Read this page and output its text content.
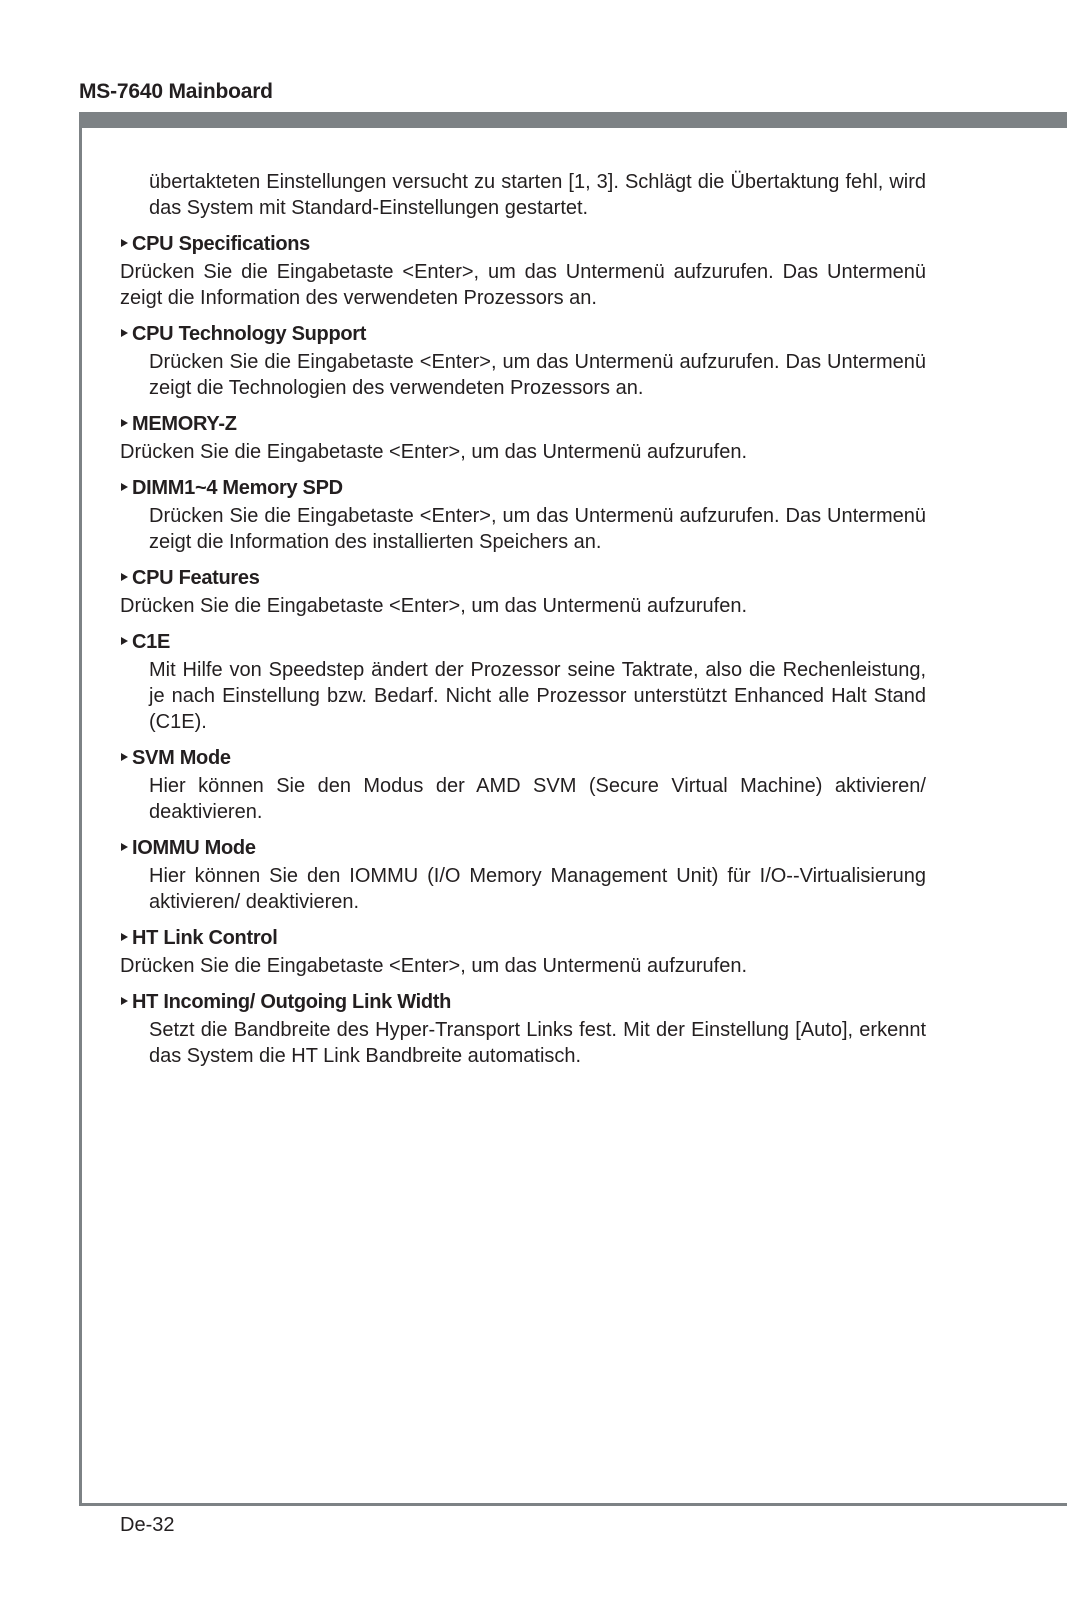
MS-7640 Mainboard

übertakteten Einstellungen versucht zu starten [1, 3]. Schlägt die Übertaktung fehl, wird das System mit Standard-Einstellungen gestartet.

CPU Specifications

Drücken Sie die Eingabetaste <Enter>, um das Untermenü aufzurufen. Das Untermenü zeigt die Information des verwendeten Prozessors an.

CPU Technology Support

Drücken Sie die Eingabetaste <Enter>, um das Untermenü aufzurufen. Das Untermenü zeigt die Technologien des verwendeten Prozessors an.

MEMORY-Z

Drücken Sie die Eingabetaste <Enter>, um das Untermenü aufzurufen.

DIMM1~4 Memory SPD

Drücken Sie die Eingabetaste <Enter>, um das Untermenü aufzurufen. Das Untermenü zeigt die Information des installierten Speichers an.

CPU Features

Drücken Sie die Eingabetaste <Enter>, um das Untermenü aufzurufen.

C1E

Mit Hilfe von Speedstep ändert der Prozessor seine Taktrate, also die Rechenleistung, je nach Einstellung bzw. Bedarf. Nicht alle Prozessor unterstützt Enhanced Halt Stand (C1E).

SVM Mode

Hier können Sie den Modus der AMD SVM (Secure Virtual Machine) aktivieren/ deaktivieren.

IOMMU Mode

Hier können Sie den IOMMU (I/O Memory Management Unit) für I/O--Virtualisierung aktivieren/ deaktivieren.

HT Link Control

Drücken Sie die Eingabetaste <Enter>, um das Untermenü aufzurufen.

HT Incoming/ Outgoing Link Width

Setzt die Bandbreite des Hyper-Transport Links fest. Mit der Einstellung [Auto], erkennt das System die HT Link Bandbreite automatisch.

De-32
